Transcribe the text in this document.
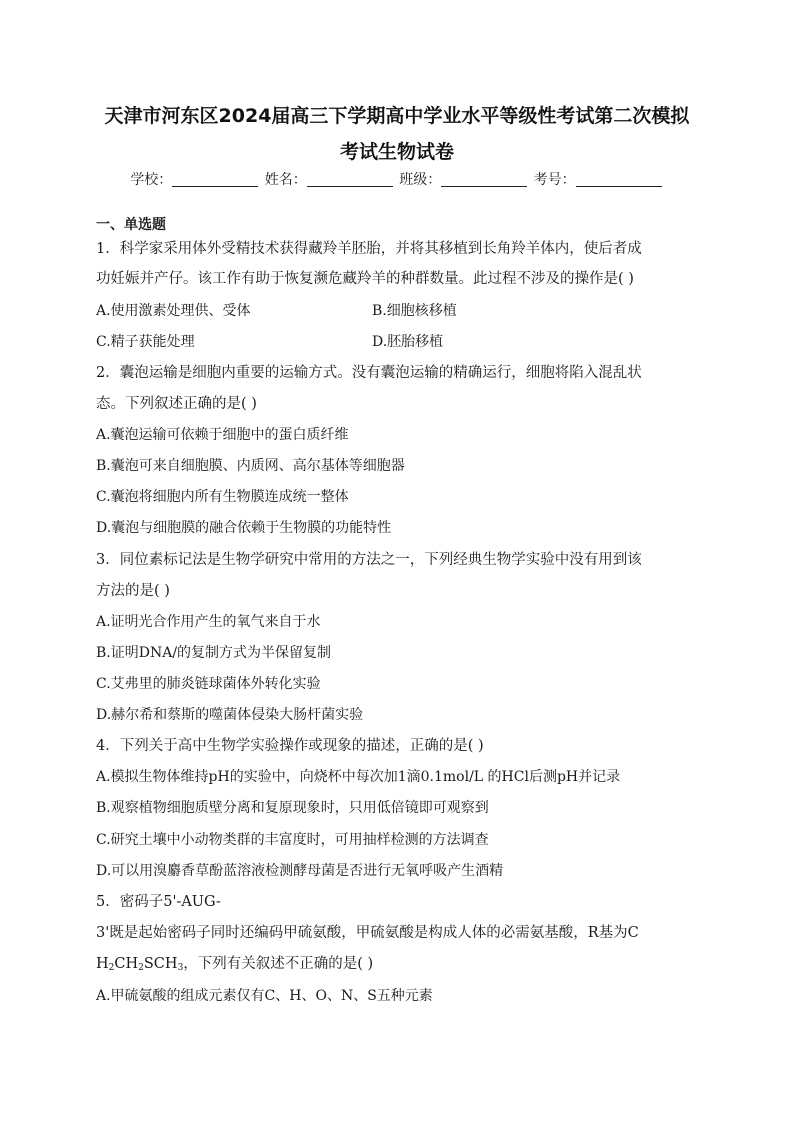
天津市河东区2024届高三下学期高中学业水平等级性考试第二次模拟
考试生物试卷
学校：	姓名：	班级：	考号：
一、单选题
1．科学家采用体外受精技术获得藏羚羊胚胎，并将其移植到长角羚羊体内，使后者成
功妊娠并产仔。该工作有助于恢复濒危藏羚羊的种群数量。此过程不涉及的操作是( )
A.使用激素处理供、受体	B.细胞核移植
C.精子获能处理	D.胚胎移植
2．囊泡运输是细胞内重要的运输方式。没有囊泡运输的精确运行，细胞将陷入混乱状
态。下列叙述正确的是( )
A.囊泡运输可依赖于细胞中的蛋白质纤维
B.囊泡可来自细胞膜、内质网、高尔基体等细胞器
C.囊泡将细胞内所有生物膜连成统一整体
D.囊泡与细胞膜的融合依赖于生物膜的功能特性
3．同位素标记法是生物学研究中常用的方法之一，下列经典生物学实验中没有用到该
方法的是( )
A.证明光合作用产生的氧气来自于水
B.证明DNA/的复制方式为半保留复制
C.艾弗里的肺炎链球菌体外转化实验
D.赫尔希和蔡斯的噬菌体侵染大肠杆菌实验
4．下列关于高中生物学实验操作或现象的描述，正确的是( )
A.模拟生物体维持pH的实验中，向烧杯中每次加1滴0.1mol/L 的HCl后测pH并记录
B.观察植物细胞质壁分离和复原现象时，只用低倍镜即可观察到
C.研究土壤中小动物类群的丰富度时，可用抽样检测的方法调查
D.可以用溴麝香草酚蓝溶液检测酵母菌是否进行无氧呼吸产生酒精
5．密码子5'-AUG-
3'既是起始密码子同时还编码甲硫氨酸，甲硫氨酸是构成人体的必需氨基酸，R基为C
$H_2CH_2SCH_3$，下列有关叙述不正确的是( )
A.甲硫氨酸的组成元素仅有C、H、O、N、S五种元素
